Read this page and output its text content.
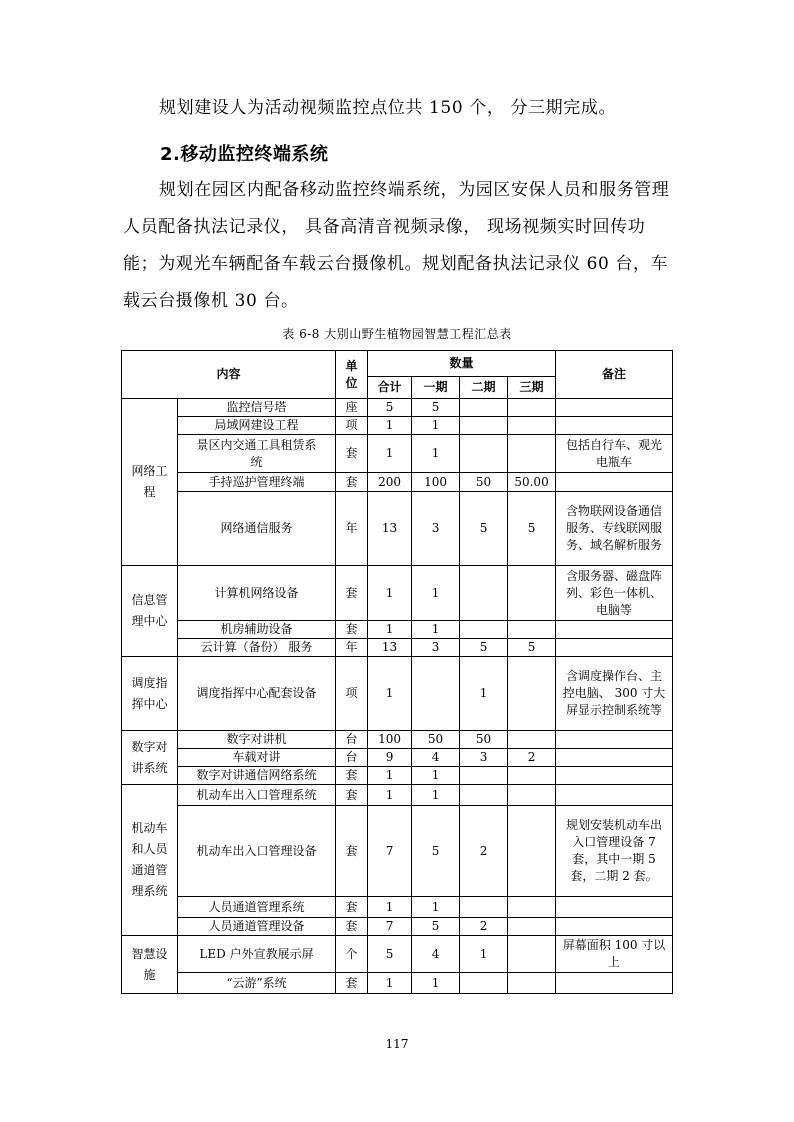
规划建设人为活动视频监控点位共 150 个， 分三期完成。
2.移动监控终端系统
规划在园区内配备移动监控终端系统，为园区安保人员和服务管理人员配备执法记录仪， 具备高清音视频录像， 现场视频实时回传功能；为观光车辆配备车载云台摄像机。规划配备执法记录仪 60 台，车载云台摄像机 30 台。
表 6-8 大别山野生植物园智慧工程汇总表
内容		单位	数量				备注
			合计	一期	二期	三期	
网络工程	监控信号塔	座	5	5			
	局域网建设工程	项	1	1			
	景区内交通工具租赁系统	套	1	1			包括自行车、观光电瓶车
	手持巡护管理终端	套	200	100	50	50.00	
	网络通信服务	年	13	3	5	5	含物联网设备通信服务、专线联网服务、域名解析服务
信息管理中心	计算机网络设备	套	1	1			含服务器、磁盘阵列、彩色一体机、电脑等
	机房辅助设备	套	1	1			
	云计算（备份） 服务	年	13	3	5	5	
调度指挥中心	调度指挥中心配套设备	项	1		1		含调度操作台、主控电脑、 300 寸大屏显示控制系统等
数字对讲系统	数字对讲机	台	100	50	50		
	车载对讲	台	9	4	3	2	
	数字对讲通信网络系统	套	1	1			
机动车和人员通道管理系统	机动车出入口管理系统	套	1	1			
	机动车出入口管理设备	套	7	5	2		规划安装机动车出入口管理设备 7 套，其中一期 5 套，二期 2 套。
	人员通道管理系统	套	1	1			
	人员通道管理设备	套	7	5	2		
智慧设施	LED 户外宣教展示屏	个	5	4	1		屏幕面积 100 寸以上
	“云游”系统	套	1	1			
117
